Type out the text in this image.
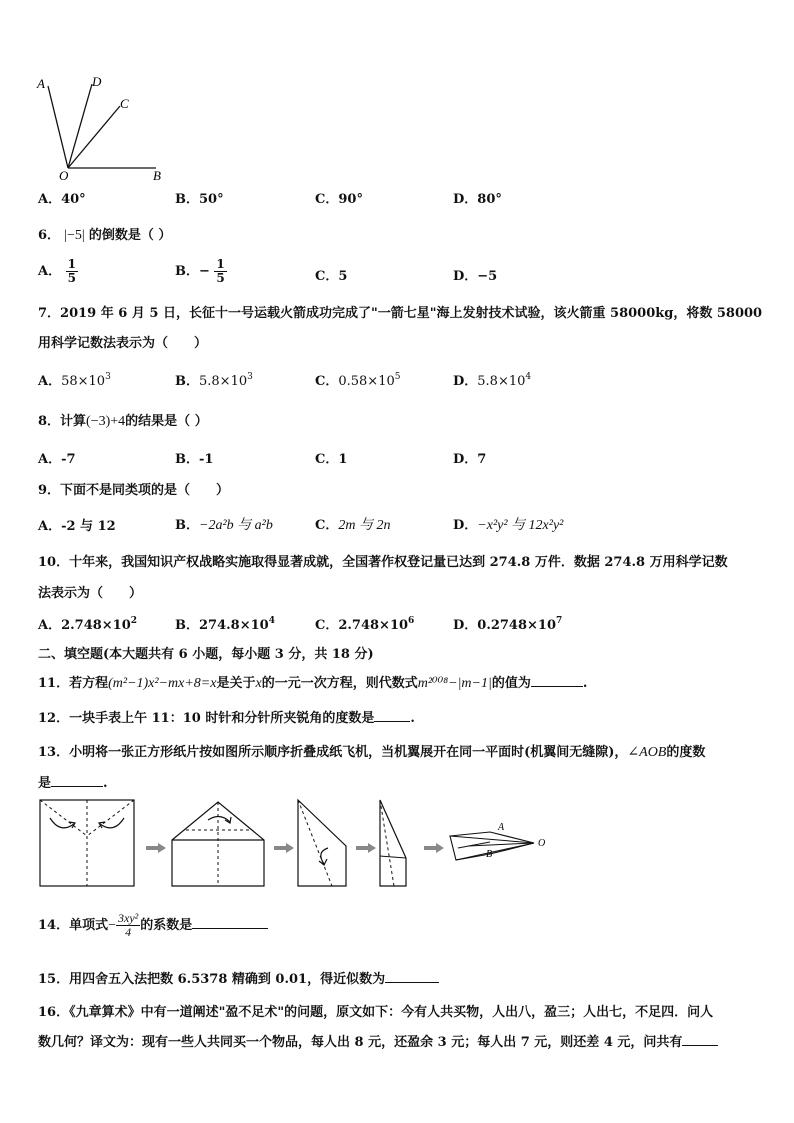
A	D
C
O	B
A．40°	B．50°	C．90°	D．80°
6． |−5| 的倒数是（ ）
A． $\frac{1}{5}$	B．− $\frac{1}{5}$	C．5	D．−5
7．2019 年 6 月 5 日，长征十一号运载火箭成功完成了"一箭七星"海上发射技术试验，该火箭重 58000kg，将数 58000
用科学记数法表示为（　　）
A．$58\times 10^3$	B．$5.8\times 10^3$	C．$0.58\times 10^5$	D．$5.8\times 10^4$
8．计算(−3)+4的结果是（ ）
A．-7	B．-1	C．1	D．7
9．下面不是同类项的是（　　）
A．-2 与 12	B．−2a²b 与 a²b	C．2m 与 2n	D．−x²y² 与 12x²y²
10．十年来，我国知识产权战略实施取得显著成就，全国著作权登记量已达到 274.8 万件．数据 274.8 万用科学记数
法表示为（　　）
A．$2.748\times 10^2$	B．$274.8\times 10^4$	C．$2.748\times 10^6$	D．$0.2748\times 10^7$
二、填空题(本大题共有 6 小题，每小题 3 分，共 18 分)
11．若方程(m²−1)x²−mx+8=x是关于x的一元一次方程，则代数式m²⁰⁰⁸−|m−1|的值为	.
12．一块手表上午 11：10 时针和分针所夹锐角的度数是	.
13．小明将一张正方形纸片按如图所示顺序折叠成纸飞机，当机翼展开在同一平面时(机翼间无缝隙)，∠AOB的度数
是	.
A
B
O
14．单项式− $\frac{\text{3xy²}}{4}$ 的系数是
15．用四舍五入法把数 6.5378 精确到 0.01，得近似数为
16．《九章算术》中有一道阐述"盈不足术"的问题，原文如下：今有人共买物，人出八，盈三；人出七，不足四．问人
数几何？译文为：现有一些人共同买一个物品，每人出 8 元，还盈余 3 元；每人出 7 元，则还差 4 元，问共有
